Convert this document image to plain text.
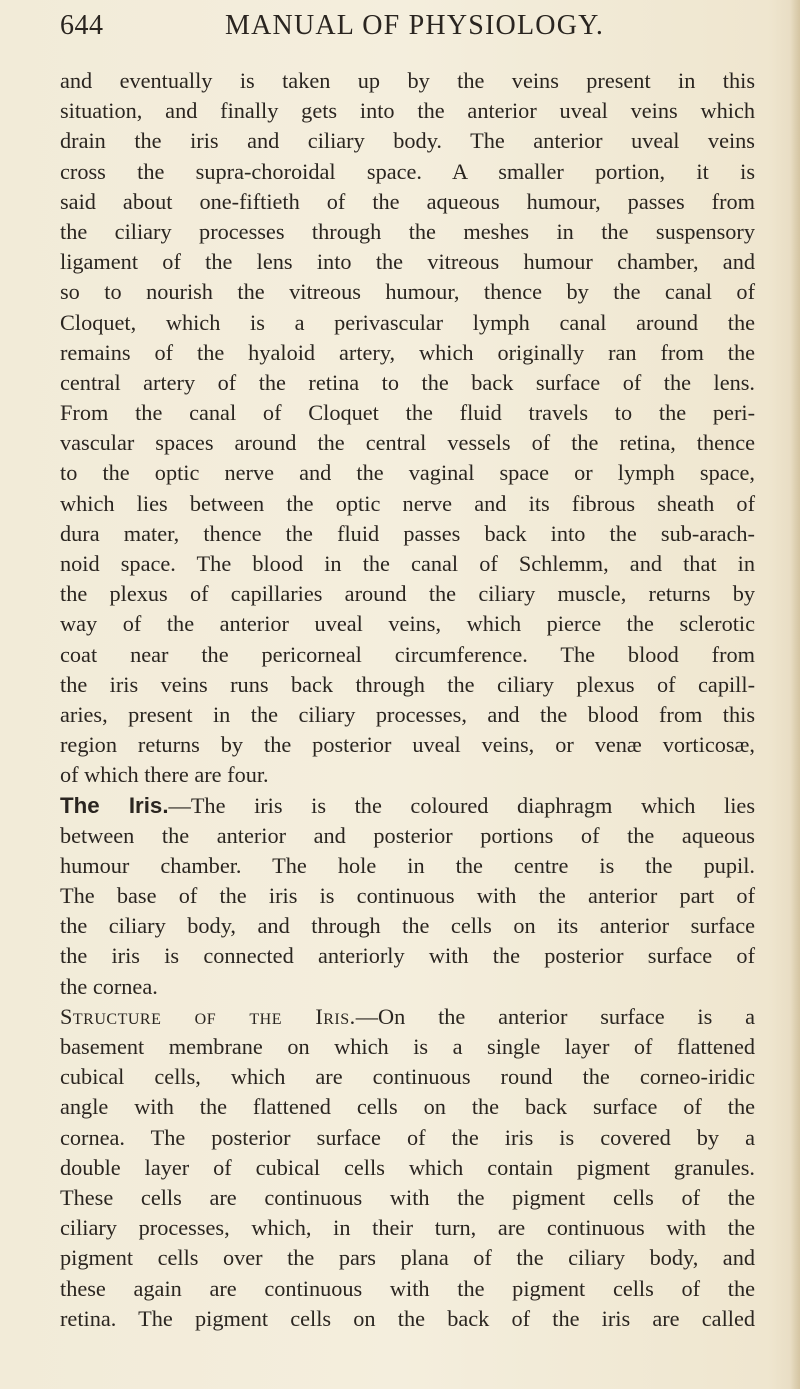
644	MANUAL OF PHYSIOLOGY.
and eventually is taken up by the veins present in this
situation, and finally gets into the anterior uveal veins which
drain the iris and ciliary body. The anterior uveal veins
cross the supra-choroidal space. A smaller portion, it is
said about one-fiftieth of the aqueous humour, passes from
the ciliary processes through the meshes in the suspensory
ligament of the lens into the vitreous humour chamber, and
so to nourish the vitreous humour, thence by the canal of
Cloquet, which is a perivascular lymph canal around the
remains of the hyaloid artery, which originally ran from the
central artery of the retina to the back surface of the lens.
From the canal of Cloquet the fluid travels to the peri-
vascular spaces around the central vessels of the retina, thence
to the optic nerve and the vaginal space or lymph space,
which lies between the optic nerve and its fibrous sheath of
dura mater, thence the fluid passes back into the sub-arach-
noid space. The blood in the canal of Schlemm, and that in
the plexus of capillaries around the ciliary muscle, returns by
way of the anterior uveal veins, which pierce the sclerotic
coat near the pericorneal circumference. The blood from
the iris veins runs back through the ciliary plexus of capill-
aries, present in the ciliary processes, and the blood from this
region returns by the posterior uveal veins, or venæ vorticosæ,
of which there are four.
The Iris.—The iris is the coloured diaphragm which lies
between the anterior and posterior portions of the aqueous
humour chamber. The hole in the centre is the pupil.
The base of the iris is continuous with the anterior part of
the ciliary body, and through the cells on its anterior surface
the iris is connected anteriorly with the posterior surface of
the cornea.
Structure of the Iris.—On the anterior surface is a
basement membrane on which is a single layer of flattened
cubical cells, which are continuous round the corneo-iridic
angle with the flattened cells on the back surface of the
cornea. The posterior surface of the iris is covered by a
double layer of cubical cells which contain pigment granules.
These cells are continuous with the pigment cells of the
ciliary processes, which, in their turn, are continuous with the
pigment cells over the pars plana of the ciliary body, and
these again are continuous with the pigment cells of the
retina. The pigment cells on the back of the iris are called
